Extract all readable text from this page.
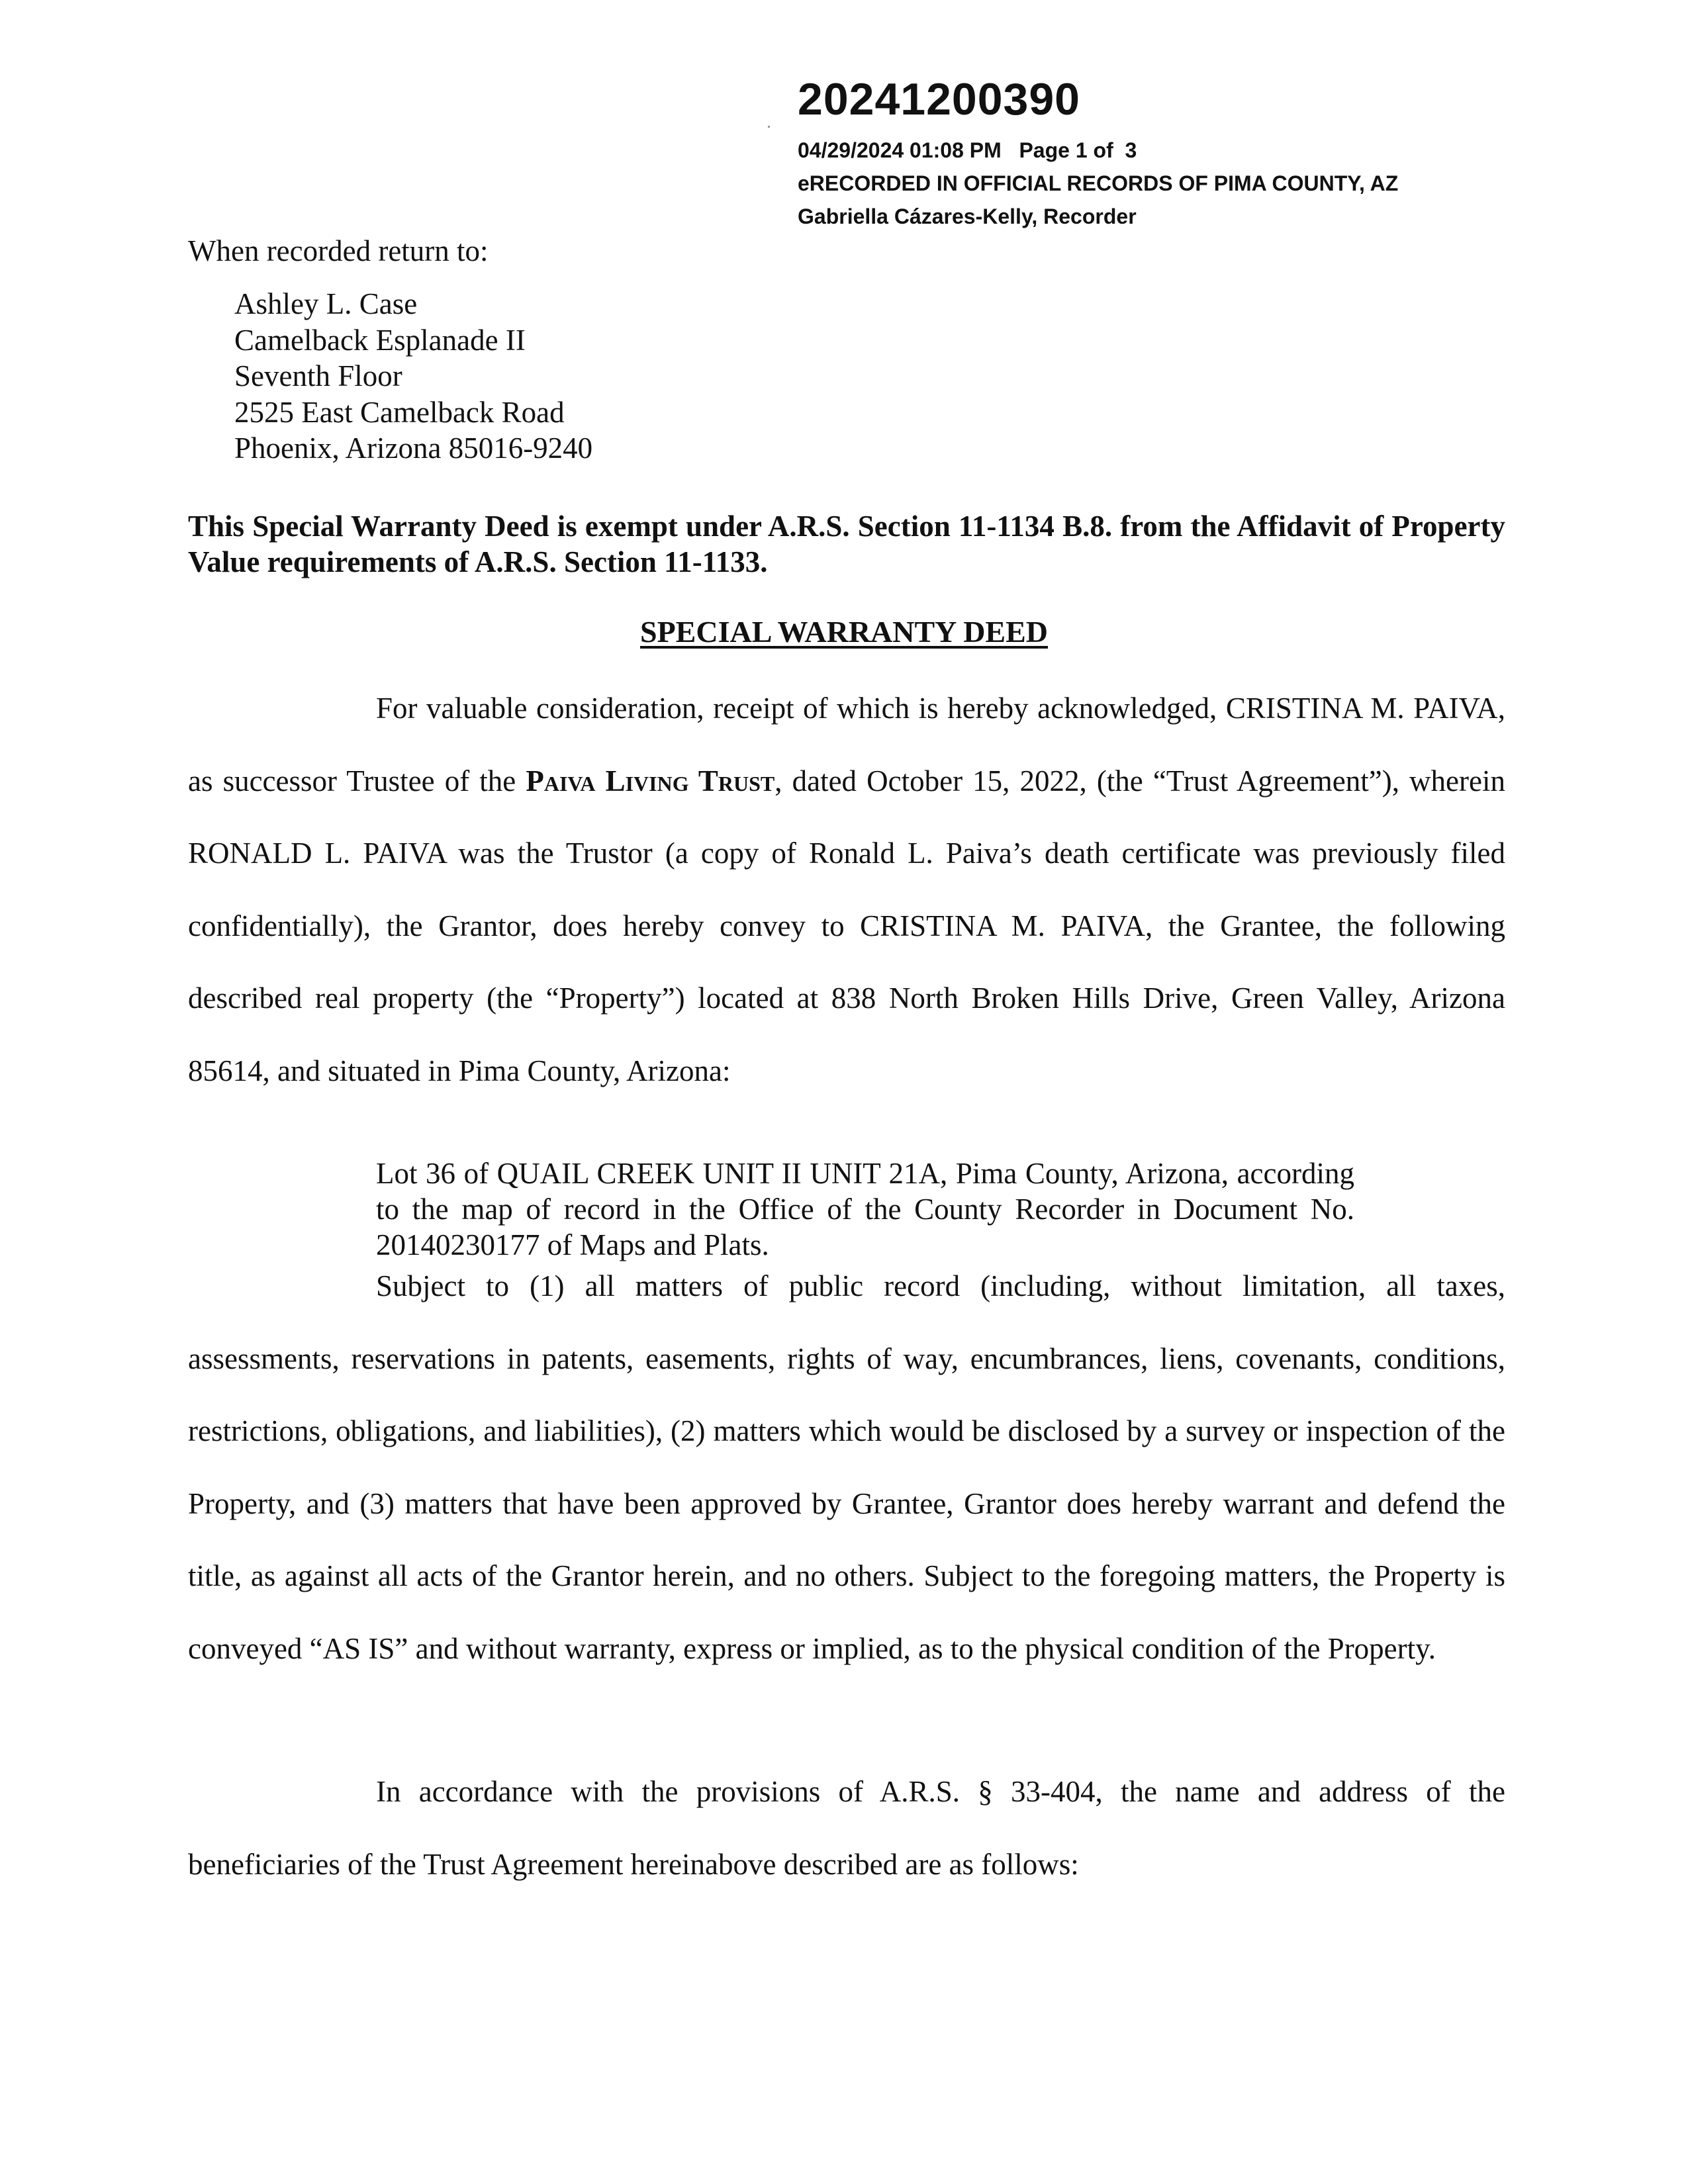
20241200390
04/29/2024 01:08 PM   Page 1 of  3
eRECORDED IN OFFICIAL RECORDS OF PIMA COUNTY, AZ
Gabriella Cázares-Kelly, Recorder
When recorded return to:
Ashley L. Case
Camelback Esplanade II
Seventh Floor
2525 East Camelback Road
Phoenix, Arizona 85016-9240
This Special Warranty Deed is exempt under A.R.S. Section 11-1134 B.8. from the Affidavit of Property Value requirements of A.R.S. Section 11-1133.
SPECIAL WARRANTY DEED
For valuable consideration, receipt of which is hereby acknowledged, CRISTINA M. PAIVA, as successor Trustee of the Paiva Living Trust, dated October 15, 2022, (the “Trust Agreement”), wherein RONALD L. PAIVA was the Trustor (a copy of Ronald L. Paiva’s death certificate was previously filed confidentially), the Grantor, does hereby convey to CRISTINA M. PAIVA, the Grantee, the following described real property (the “Property”) located at 838 North Broken Hills Drive, Green Valley, Arizona 85614, and situated in Pima County, Arizona:
Lot 36 of QUAIL CREEK UNIT II UNIT 21A, Pima County, Arizona, according to the map of record in the Office of the County Recorder in Document No. 20140230177 of Maps and Plats.
Subject to (1) all matters of public record (including, without limitation, all taxes, assessments, reservations in patents, easements, rights of way, encumbrances, liens, covenants, conditions, restrictions, obligations, and liabilities), (2) matters which would be disclosed by a survey or inspection of the Property, and (3) matters that have been approved by Grantee, Grantor does hereby warrant and defend the title, as against all acts of the Grantor herein, and no others. Subject to the foregoing matters, the Property is conveyed “AS IS” and without warranty, express or implied, as to the physical condition of the Property.
In accordance with the provisions of A.R.S. § 33-404, the name and address of the beneficiaries of the Trust Agreement hereinabove described are as follows:
